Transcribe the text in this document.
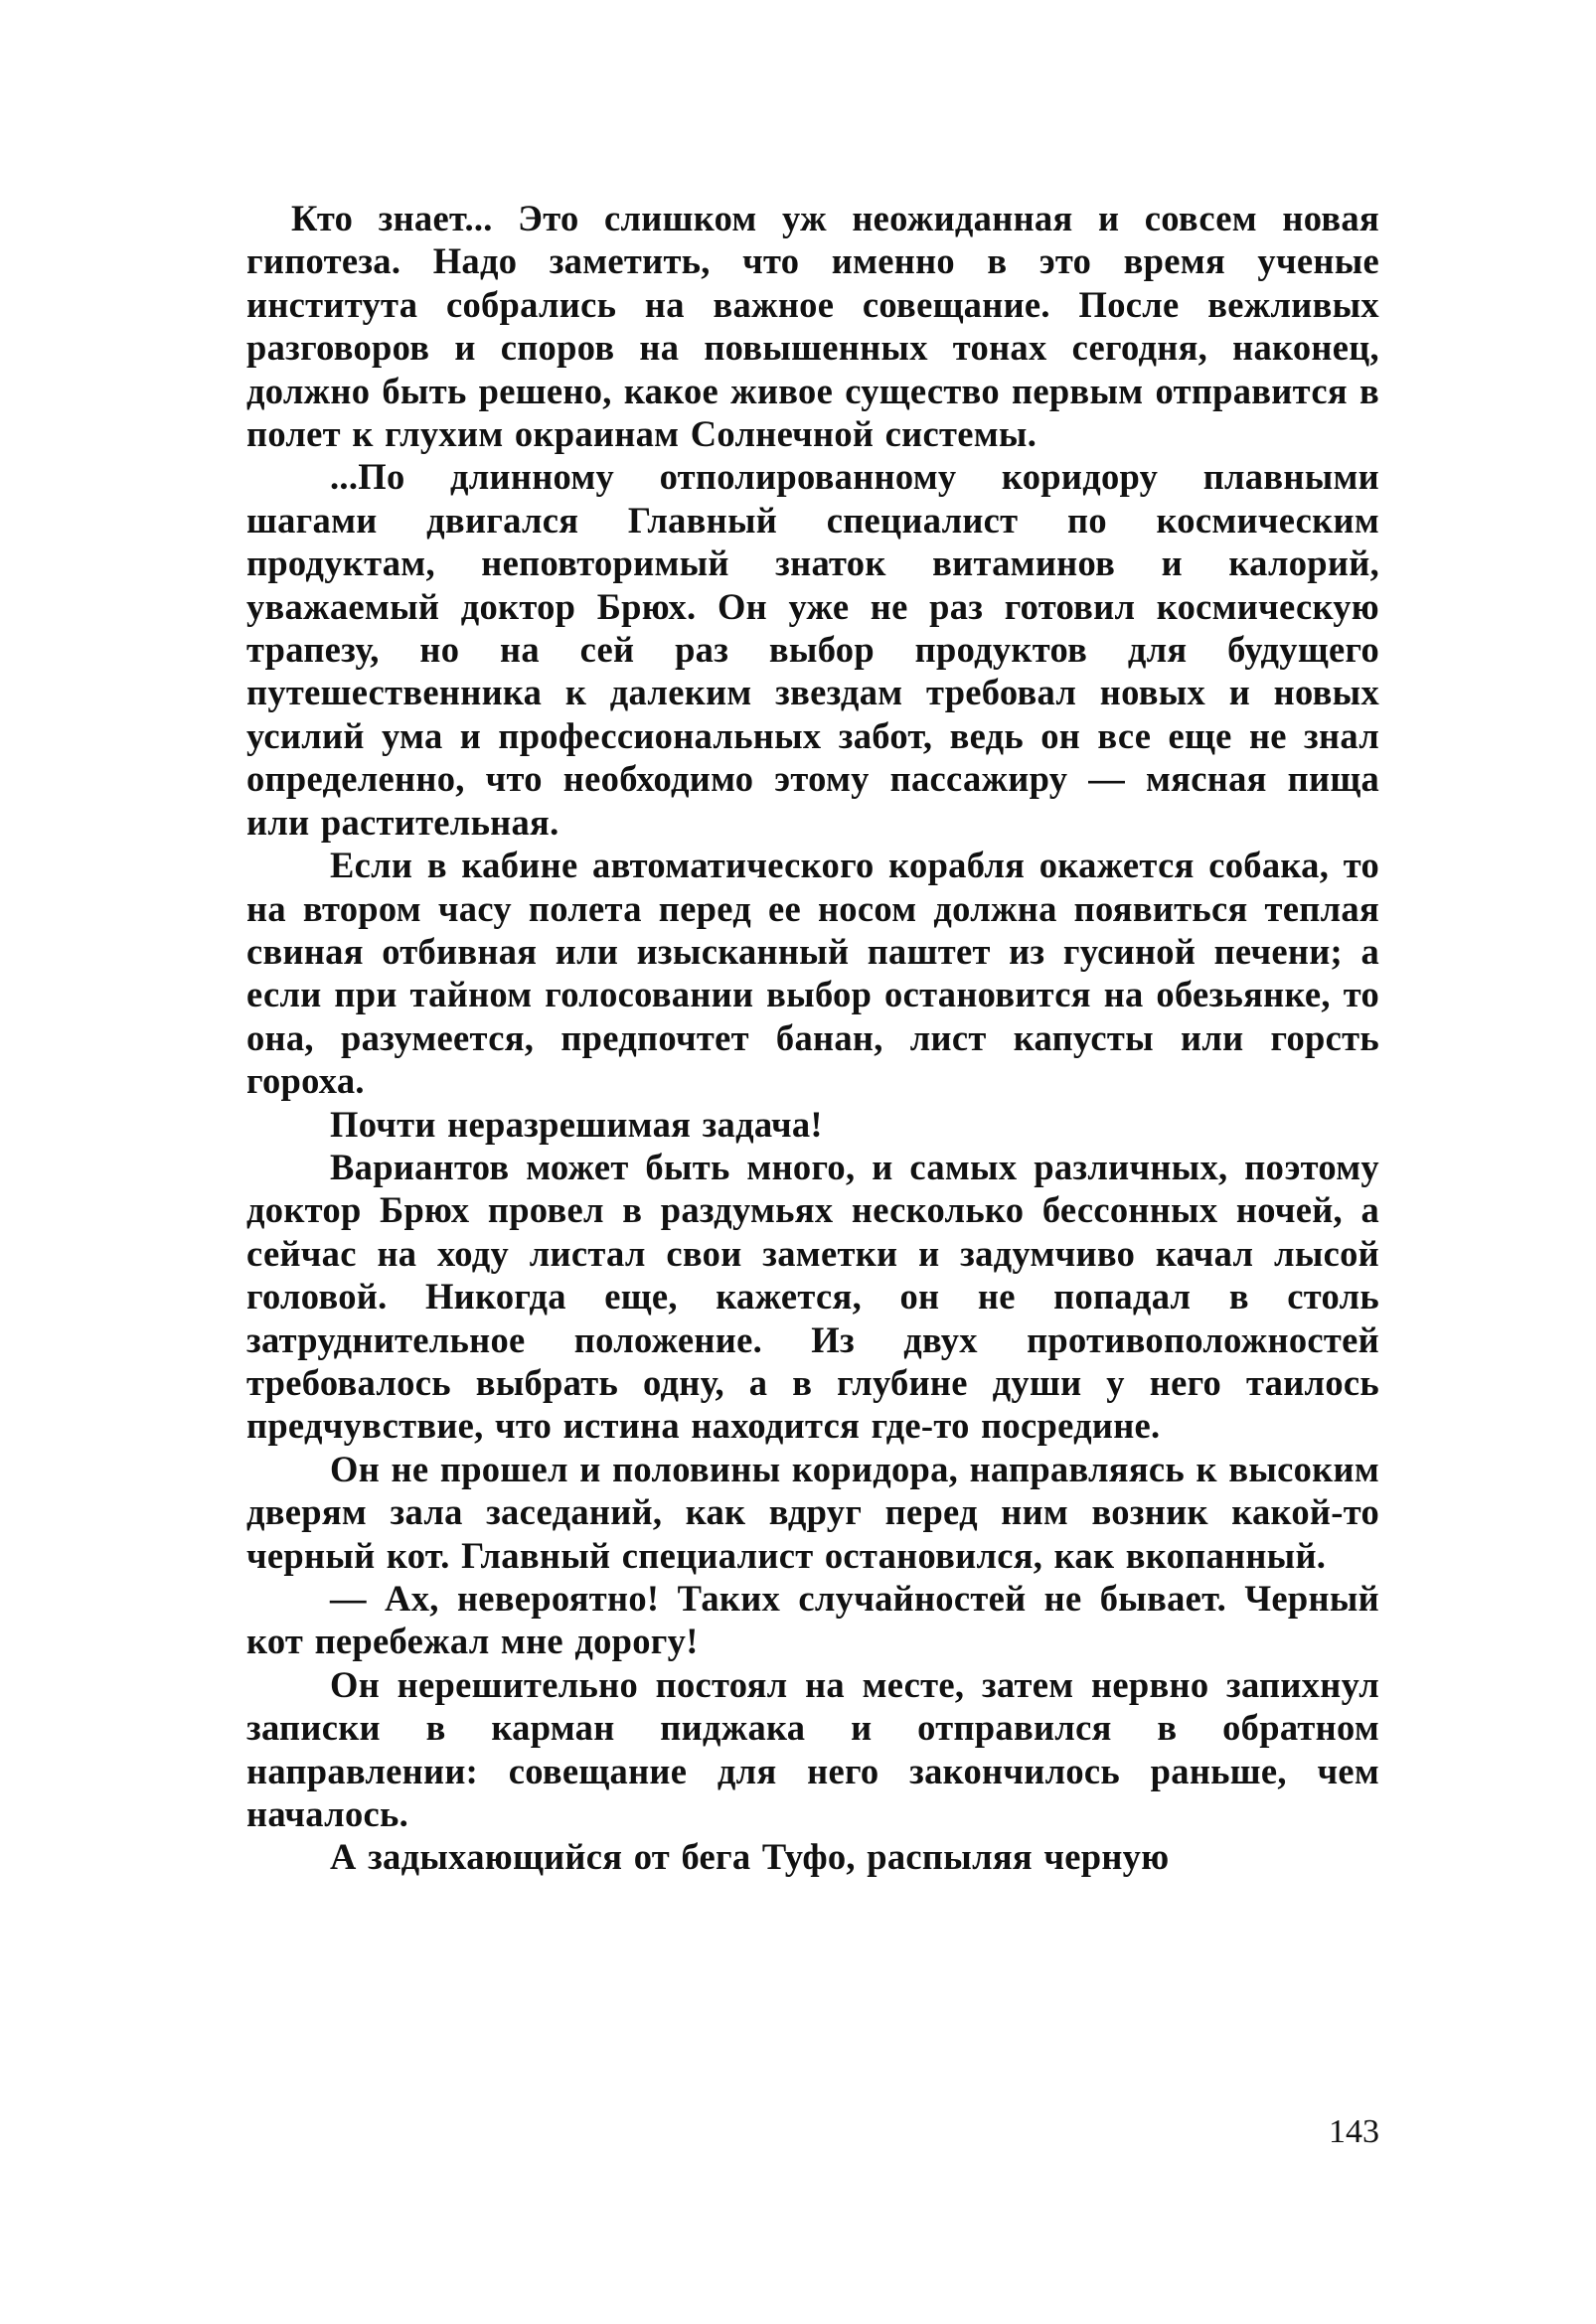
Кто знает... Это слишком уж неожиданная и совсем новая гипотеза. Надо заметить, что именно в это время ученые института собрались на важное совещание. После вежливых разговоров и споров на повышенных тонах сегодня, наконец, должно быть решено, какое живое существо первым отправится в полет к глухим окраинам Солнечной системы.

...По длинному отполированному коридору плавными шагами двигался Главный специалист по космическим продуктам, неповторимый знаток витаминов и калорий, уважаемый доктор Брюх. Он уже не раз готовил космическую трапезу, но на сей раз выбор продуктов для будущего путешественника к далеким звездам требовал новых и новых усилий ума и профессиональных забот, ведь он все еще не знал определенно, что необходимо этому пассажиру — мясная пища или растительная.

Если в кабине автоматического корабля окажется собака, то на втором часу полета перед ее носом должна появиться теплая свиная отбивная или изысканный паштет из гусиной печени; а если при тайном голосовании выбор остановится на обезьянке, то она, разумеется, предпочтет банан, лист капусты или горсть гороха.

Почти неразрешимая задача!

Вариантов может быть много, и самых различных, поэтому доктор Брюх провел в раздумьях несколько бессонных ночей, а сейчас на ходу листал свои заметки и задумчиво качал лысой головой. Никогда еще, кажется, он не попадал в столь затруднительное положение. Из двух противоположностей требовалось выбрать одну, а в глубине души у него таилось предчувствие, что истина находится где-то посредине.

Он не прошел и половины коридора, направляясь к высоким дверям зала заседаний, как вдруг перед ним возник какой-то черный кот. Главный специалист остановился, как вкопанный.

— Ах, невероятно! Таких случайностей не бывает. Черный кот перебежал мне дорогу!

Он нерешительно постоял на месте, затем нервно запихнул записки в карман пиджака и отправился в обратном направлении: совещание для него закончилось раньше, чем началось.

А задыхающийся от бега Туфо, распыляя черную

143
